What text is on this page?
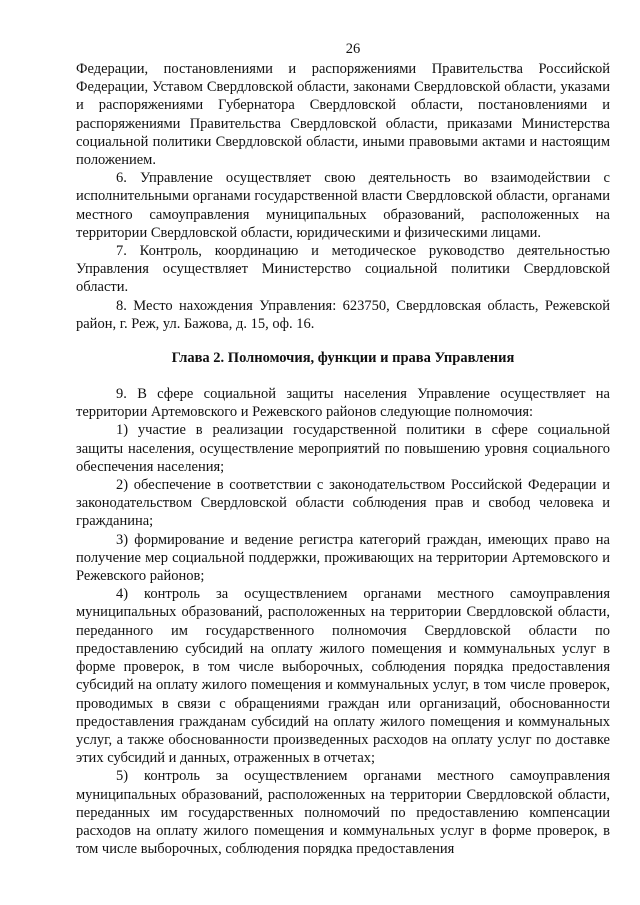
26

Федерации, постановлениями и распоряжениями Правительства Российской Федерации, Уставом Свердловской области, законами Свердловской области, указами и распоряжениями Губернатора Свердловской области, постановлениями и распоряжениями Правительства Свердловской области, приказами Министерства социальной политики Свердловской области, иными правовыми актами и настоящим положением.

6. Управление осуществляет свою деятельность во взаимодействии с исполнительными органами государственной власти Свердловской области, органами местного самоуправления муниципальных образований, расположенных на территории Свердловской области, юридическими и физическими лицами.

7. Контроль, координацию и методическое руководство деятельностью Управления осуществляет Министерство социальной политики Свердловской области.

8. Место нахождения Управления: 623750, Свердловская область, Режевской район, г. Реж, ул. Бажова, д. 15, оф. 16.

Глава 2. Полномочия, функции и права Управления

9. В сфере социальной защиты населения Управление осуществляет на территории Артемовского и Режевского районов следующие полномочия:

1) участие в реализации государственной политики в сфере социальной защиты населения, осуществление мероприятий по повышению уровня социального обеспечения населения;

2) обеспечение в соответствии с законодательством Российской Федерации и законодательством Свердловской области соблюдения прав и свобод человека и гражданина;

3) формирование и ведение регистра категорий граждан, имеющих право на получение мер социальной поддержки, проживающих на территории Артемовского и Режевского районов;

4) контроль за осуществлением органами местного самоуправления муниципальных образований, расположенных на территории Свердловской области, переданного им государственного полномочия Свердловской области по предоставлению субсидий на оплату жилого помещения и коммунальных услуг в форме проверок, в том числе выборочных, соблюдения порядка предоставления субсидий на оплату жилого помещения и коммунальных услуг, в том числе проверок, проводимых в связи с обращениями граждан или организаций, обоснованности предоставления гражданам субсидий на оплату жилого помещения и коммунальных услуг, а также обоснованности произведенных расходов на оплату услуг по доставке этих субсидий и данных, отраженных в отчетах;

5) контроль за осуществлением органами местного самоуправления муниципальных образований, расположенных на территории Свердловской области, переданных им государственных полномочий по предоставлению компенсации расходов на оплату жилого помещения и коммунальных услуг в форме проверок, в том числе выборочных, соблюдения порядка предоставления
